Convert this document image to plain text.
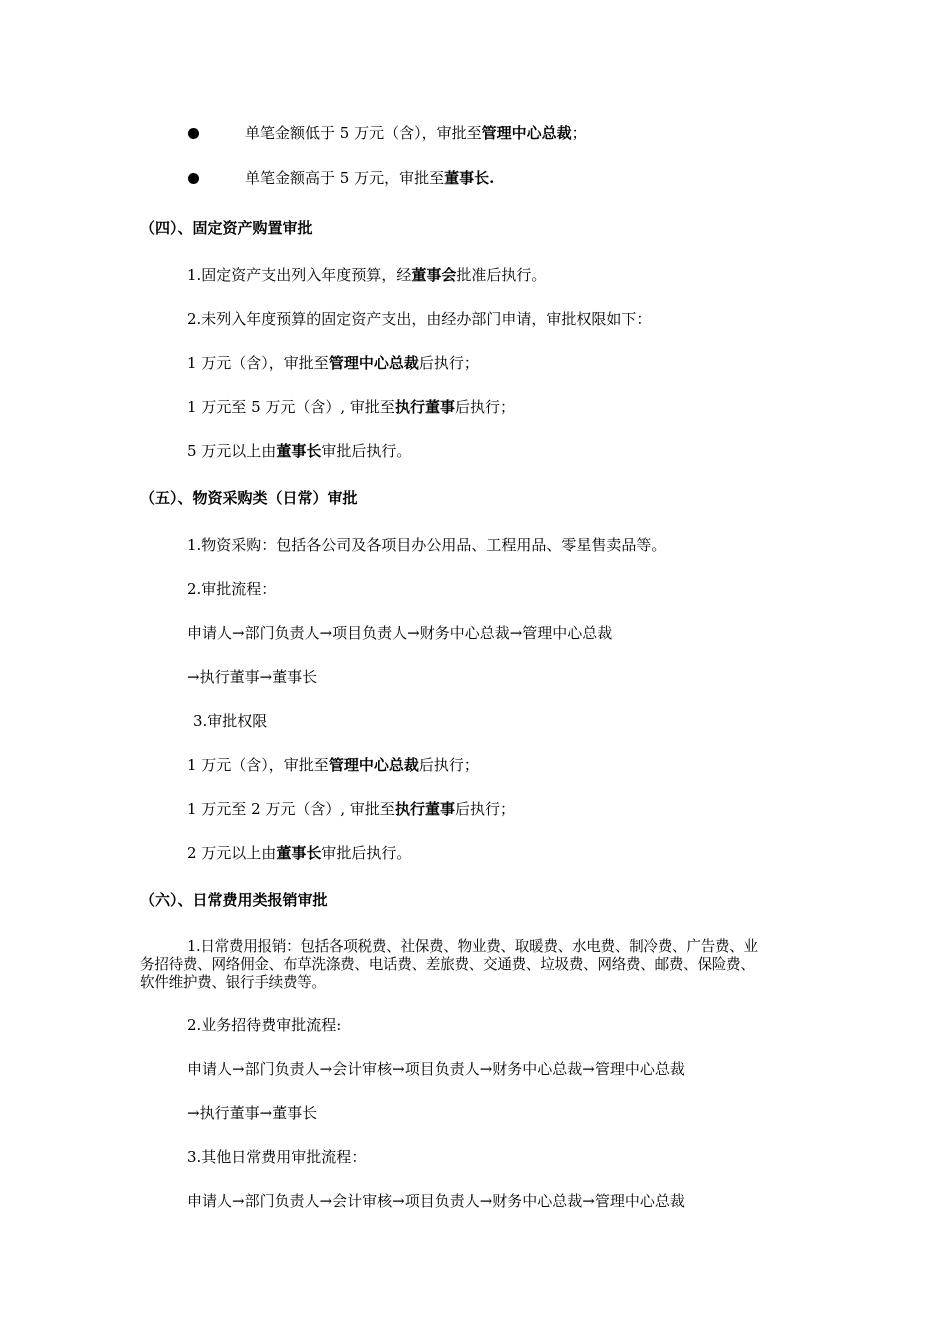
单笔金额低于 5 万元（含），审批至管理中心总裁；
单笔金额高于 5 万元，审批至董事长.
（四）、固定资产购置审批
1.固定资产支出列入年度预算，经董事会批准后执行。
2.未列入年度预算的固定资产支出，由经办部门申请，审批权限如下：
1 万元（含），审批至管理中心总裁后执行；
1 万元至 5 万元（含）, 审批至执行董事后执行；
5 万元以上由董事长审批后执行。
（五）、物资采购类（日常）审批
1.物资采购：包括各公司及各项目办公用品、工程用品、零星售卖品等。
2.审批流程：
申请人→部门负责人→项目负责人→财务中心总裁→管理中心总裁
→执行董事→董事长
3.审批权限
1 万元（含），审批至管理中心总裁后执行；
1 万元至 2 万元（含）, 审批至执行董事后执行；
2 万元以上由董事长审批后执行。
（六）、日常费用类报销审批
1.日常费用报销：包括各项税费、社保费、物业费、取暖费、水电费、制冷费、广告费、业
务招待费、网络佣金、布草洗涤费、电话费、差旅费、交通费、垃圾费、网络费、邮费、保险费、
软件维护费、银行手续费等。
2.业务招待费审批流程:
申请人→部门负责人→会计审核→项目负责人→财务中心总裁→管理中心总裁
→执行董事→董事长
3.其他日常费用审批流程：
申请人→部门负责人→会计审核→项目负责人→财务中心总裁→管理中心总裁
